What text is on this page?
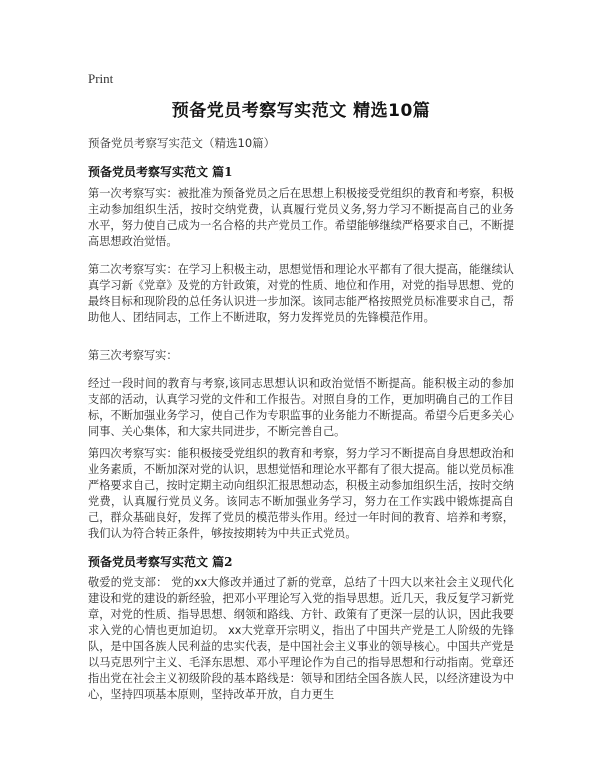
Print
预备党员考察写实范文 精选10篇
预备党员考察写实范文（精选10篇）
预备党员考察写实范文 篇1

第一次考察写实：被批准为预备党员之后在思想上积极接受党组织的教育和考察，积极主动参加组织生活，按时交纳党费，认真履行党员义务,努力学习不断提高自己的业务水平，努力使自己成为一名合格的共产党员工作。希望能够继续严格要求自己，不断提高思想政治觉悟。

第二次考察写实：在学习上积极主动，思想觉悟和理论水平都有了很大提高，能继续认真学习新《党章》及党的方针政策，对党的性质、地位和作用，对党的指导思想、党的最终目标和现阶段的总任务认识进一步加深。该同志能严格按照党员标准要求自己，帮助他人、团结同志，工作上不断进取，努力发挥党员的先锋模范作用。

第三次考察写实：

经过一段时间的教育与考察,该同志思想认识和政治觉悟不断提高。能积极主动的参加支部的活动，认真学习党的文件和工作报告。对照自身的工作，更加明确自己的工作目标，不断加强业务学习，使自己作为专职监事的业务能力不断提高。希望今后更多关心同事、关心集体，和大家共同进步，不断完善自己。

第四次考察写实：能积极接受党组织的教育和考察，努力学习不断提高自身思想政治和业务素质，不断加深对党的认识，思想觉悟和理论水平都有了很大提高。能以党员标准严格要求自己，按时定期主动向组织汇报思想动态，积极主动参加组织生活，按时交纳党费，认真履行党员义务。该同志不断加强业务学习，努力在工作实践中锻炼提高自己，群众基础良好，发挥了党员的模范带头作用。经过一年时间的教育、培养和考察，我们认为符合转正条件，够按按期转为中共正式党员。

预备党员考察写实范文 篇2

敬爱的党支部： 党的xx大修改并通过了新的党章，总结了十四大以来社会主义现代化建设和党的建设的新经验，把邓小平理论写入党的指导思想。近几天，我反复学习新党章，对党的性质、指导思想、纲领和路线、方针、政策有了更深一层的认识，因此我要求入党的心情也更加迫切。 xx大党章开宗明义，指出了中国共产党是工人阶级的先锋队，是中国各族人民利益的忠实代表，是中国社会主义事业的领导核心。中国共产党是以马克思列宁主义、毛泽东思想、邓小平理论作为自己的指导思想和行动指南。党章还指出党在社会主义初级阶段的基本路线是：领导和团结全国各族人民，以经济建设为中心，坚持四项基本原则，坚持改革开放，自力更生
